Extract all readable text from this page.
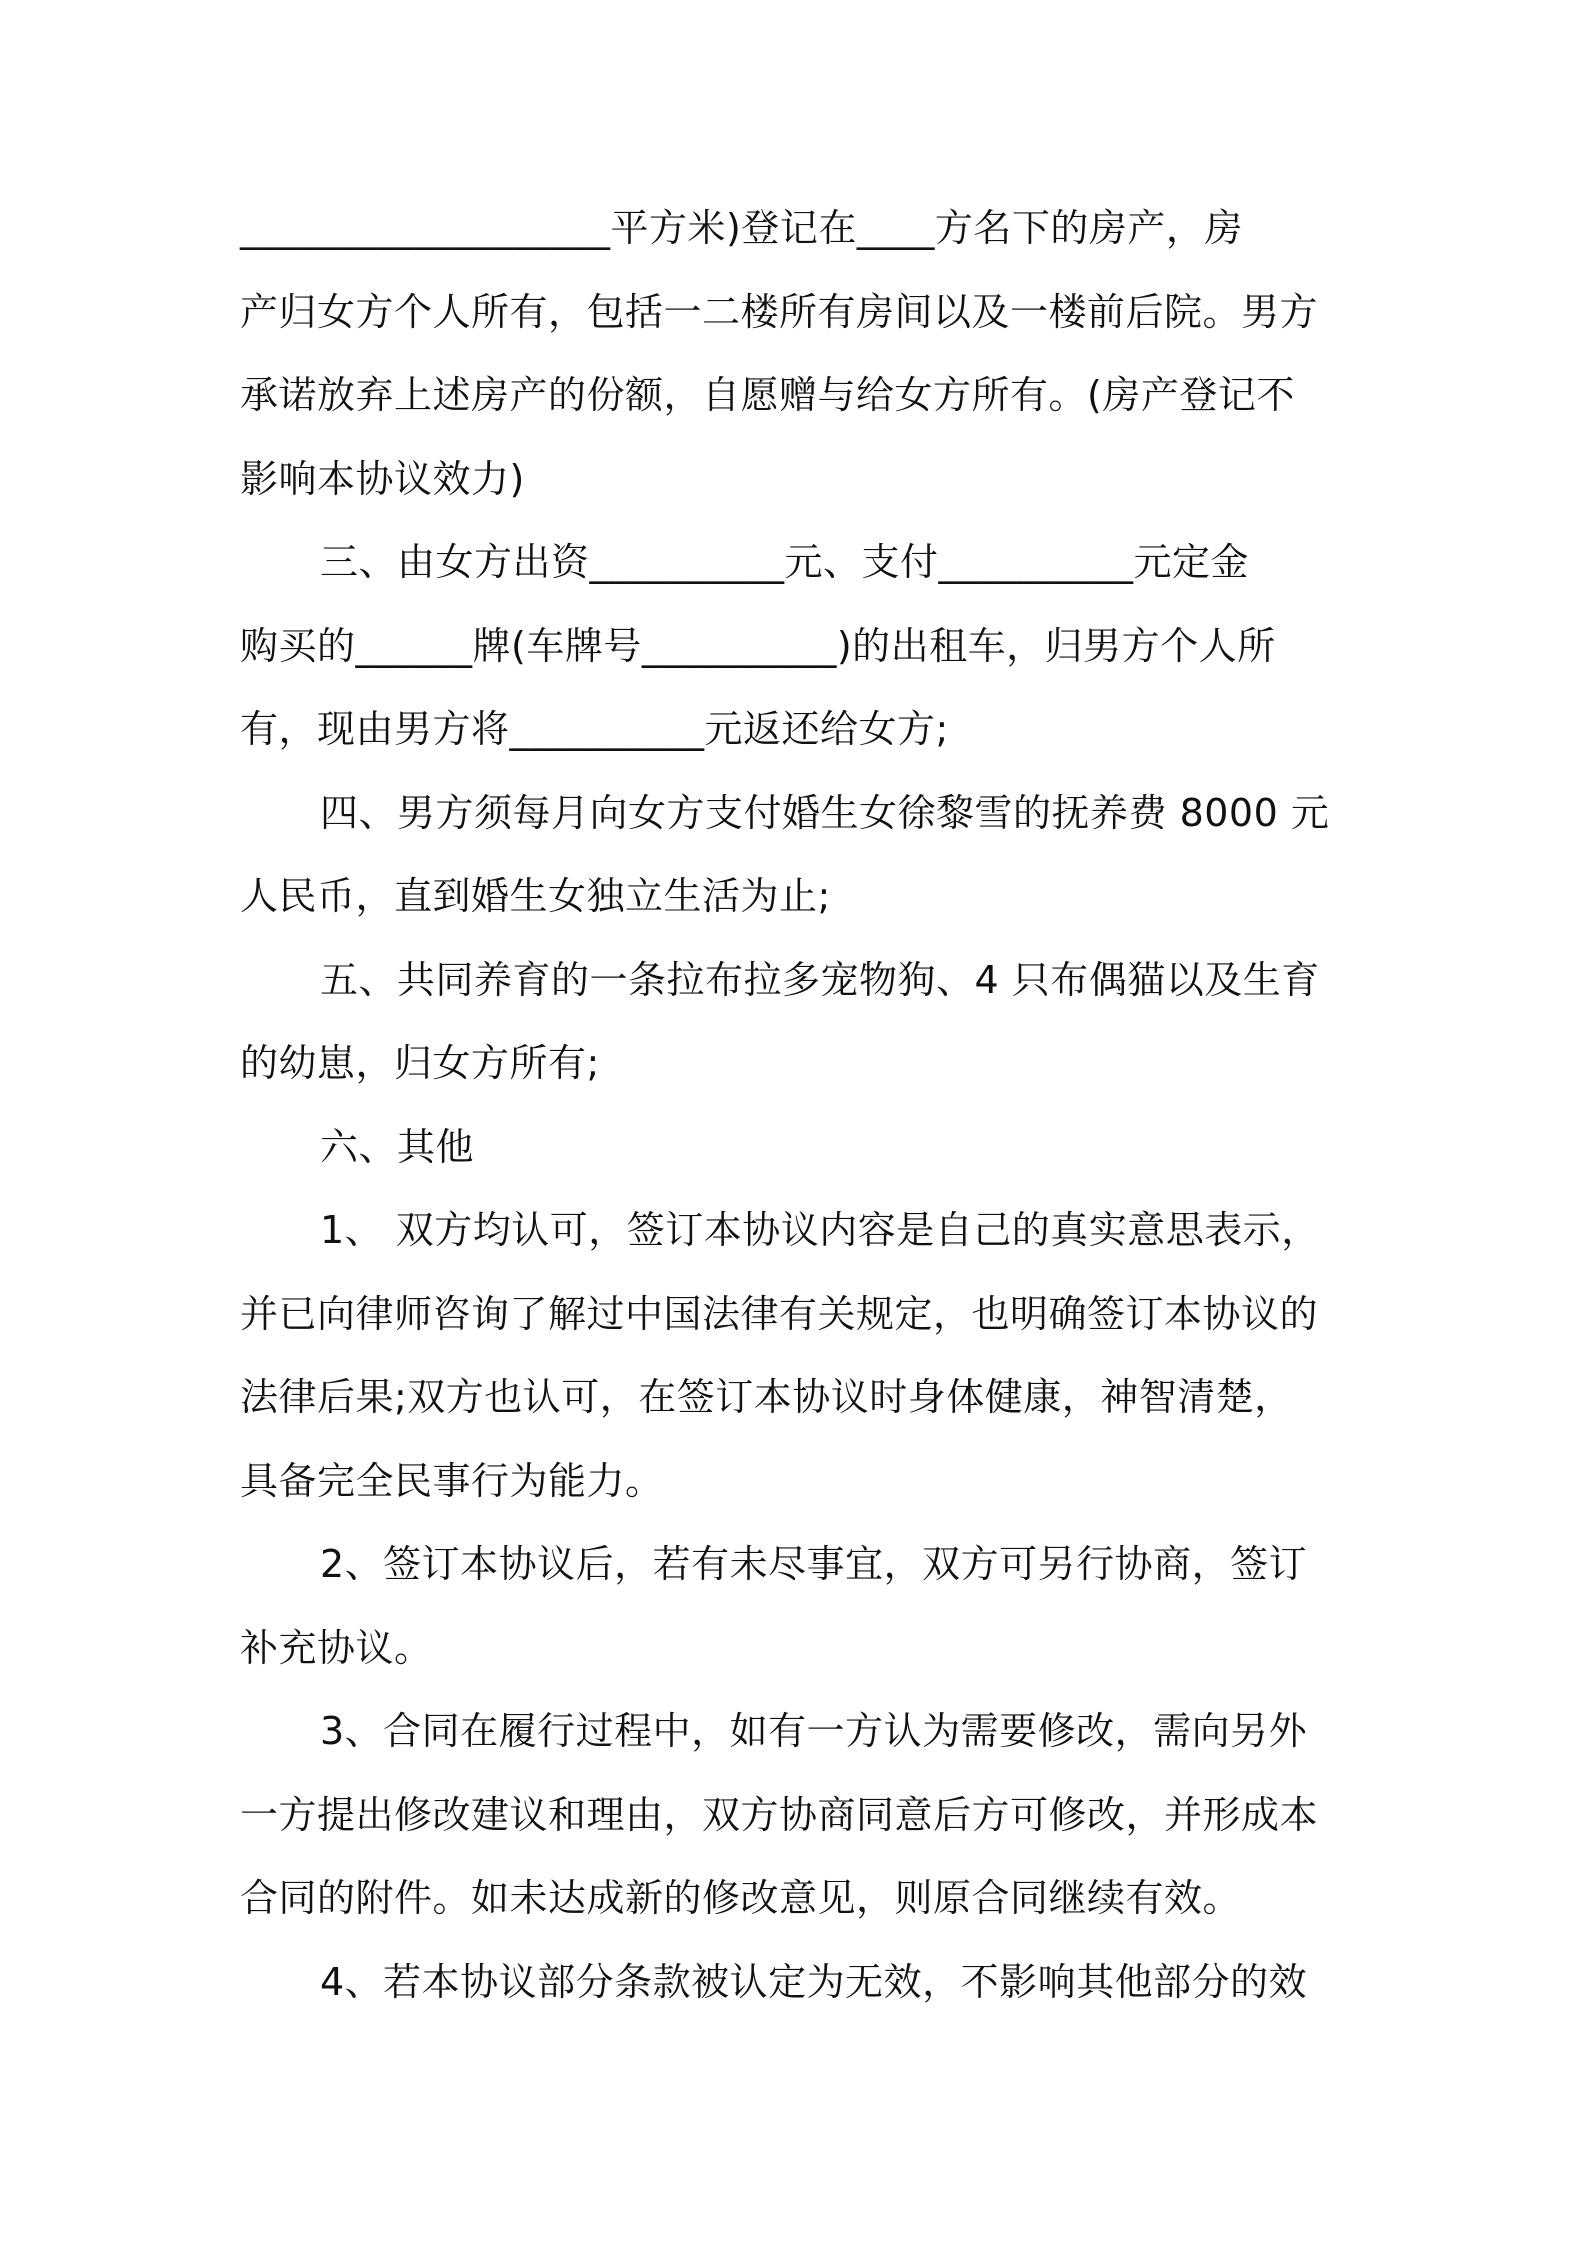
___________________平方米)登记在____方名下的房产，房
产归女方个人所有，包括一二楼所有房间以及一楼前后院。男方
承诺放弃上述房产的份额，自愿赠与给女方所有。(房产登记不
影响本协议效力)
三、由女方出资__________元、支付__________元定金
购买的______牌(车牌号__________)的出租车，归男方个人所
有，现由男方将__________元返还给女方;
四、男方须每月向女方支付婚生女徐黎雪的抚养费 8000 元
人民币，直到婚生女独立生活为止;
五、共同养育的一条拉布拉多宠物狗、4 只布偶猫以及生育
的幼崽，归女方所有;
六、其他
1、 双方均认可，签订本协议内容是自己的真实意思表示，
并已向律师咨询了解过中国法律有关规定，也明确签订本协议的
法律后果;双方也认可，在签订本协议时身体健康，神智清楚，
具备完全民事行为能力。
2、签订本协议后，若有未尽事宜，双方可另行协商，签订
补充协议。
3、合同在履行过程中，如有一方认为需要修改，需向另外
一方提出修改建议和理由，双方协商同意后方可修改，并形成本
合同的附件。如未达成新的修改意见，则原合同继续有效。
4、若本协议部分条款被认定为无效，不影响其他部分的效
